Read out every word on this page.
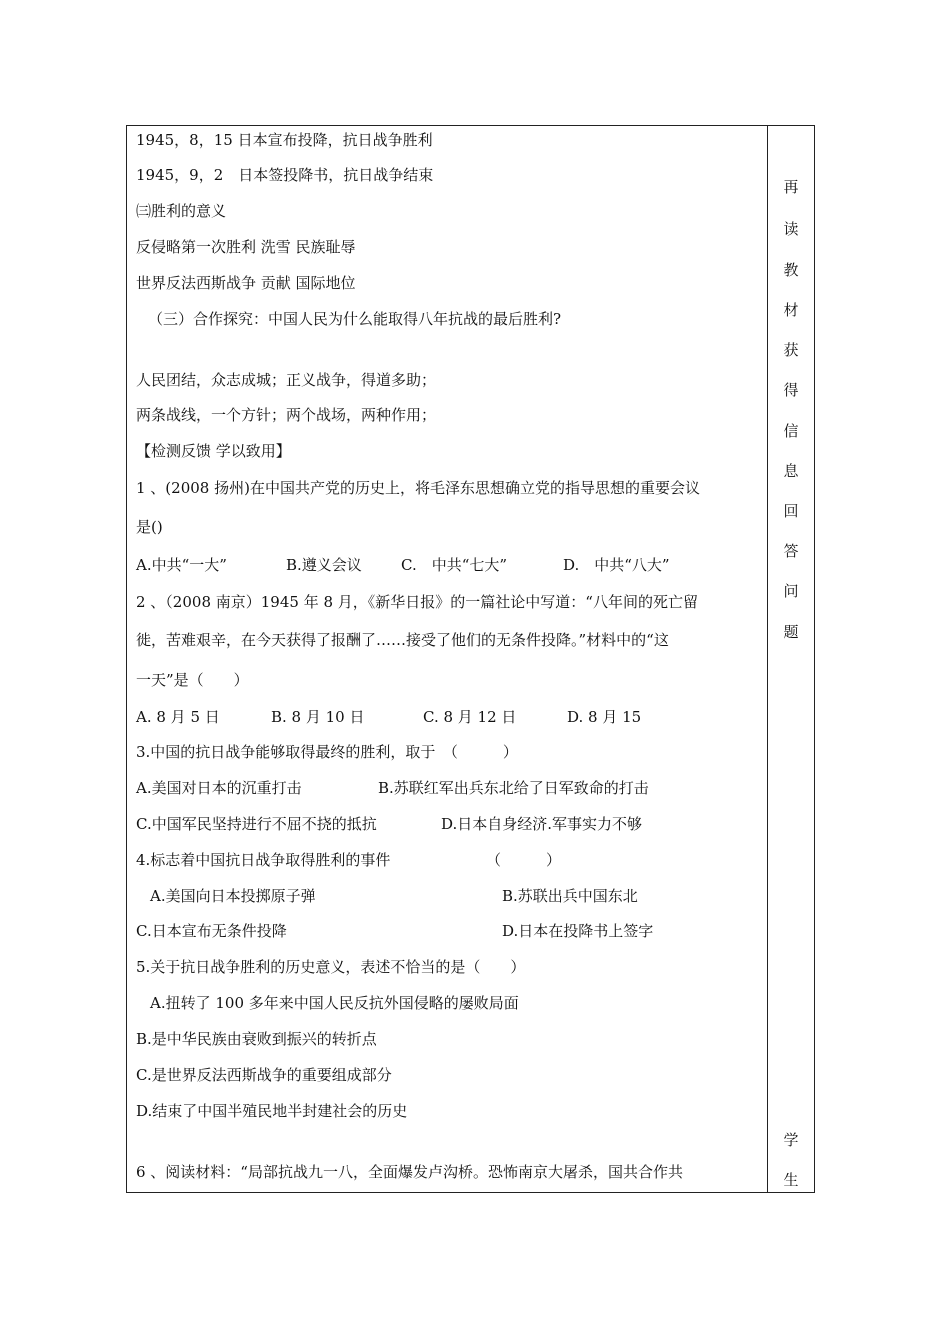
1945，8，15 日本宣布投降，抗日战争胜利
1945，9，2　日本签投降书，抗日战争结束
㈢胜利的意义
反侵略第一次胜利 洗雪 民族耻辱
世界反法西斯战争 贡献 国际地位
（三）合作探究：中国人民为什么能取得八年抗战的最后胜利?
人民团结，众志成城；正义战争，得道多助；
两条战线，一个方针；两个战场，两种作用；
【检测反馈 学以致用】
1 、(2008 扬州)在中国共产党的历史上，将毛泽东思想确立党的指导思想的重要会议
是()
A.中共“一大”	B.遵义会议	C.　中共“七大”	D.　中共“八大”
2 、（2008 南京）1945 年 8 月，《新华日报》的一篇社论中写道：“八年间的死亡留
徙，苦难艰辛，在今天获得了报酬了……接受了他们的无条件投降。”材料中的“这
一天”是（　　）
A. 8 月 5 日	B. 8 月 10 日	C. 8 月 12 日	D. 8 月 15
3.中国的抗日战争能够取得最终的胜利，取于　（　　　）
A.美国对日本的沉重打击	B.苏联红军出兵东北给了日军致命的打击
C.中国军民坚持进行不屈不挠的抵抗	D.日本自身经济.军事实力不够
4.标志着中国抗日战争取得胜利的事件	（　　　）
A.美国向日本投掷原子弹	B.苏联出兵中国东北
C.日本宣布无条件投降	D.日本在投降书上签字
5.关于抗日战争胜利的历史意义，表述不恰当的是（　　）
A.扭转了 100 多年来中国人民反抗外国侵略的屡败局面
B.是中华民族由衰败到振兴的转折点
C.是世界反法西斯战争的重要组成部分
D.结束了中国半殖民地半封建社会的历史
6 、阅读材料：“局部抗战九一八，全面爆发卢沟桥。恐怖南京大屠杀，国共合作共
再
读
教
材
获
得
信
息
回
答
问
题
学
生
